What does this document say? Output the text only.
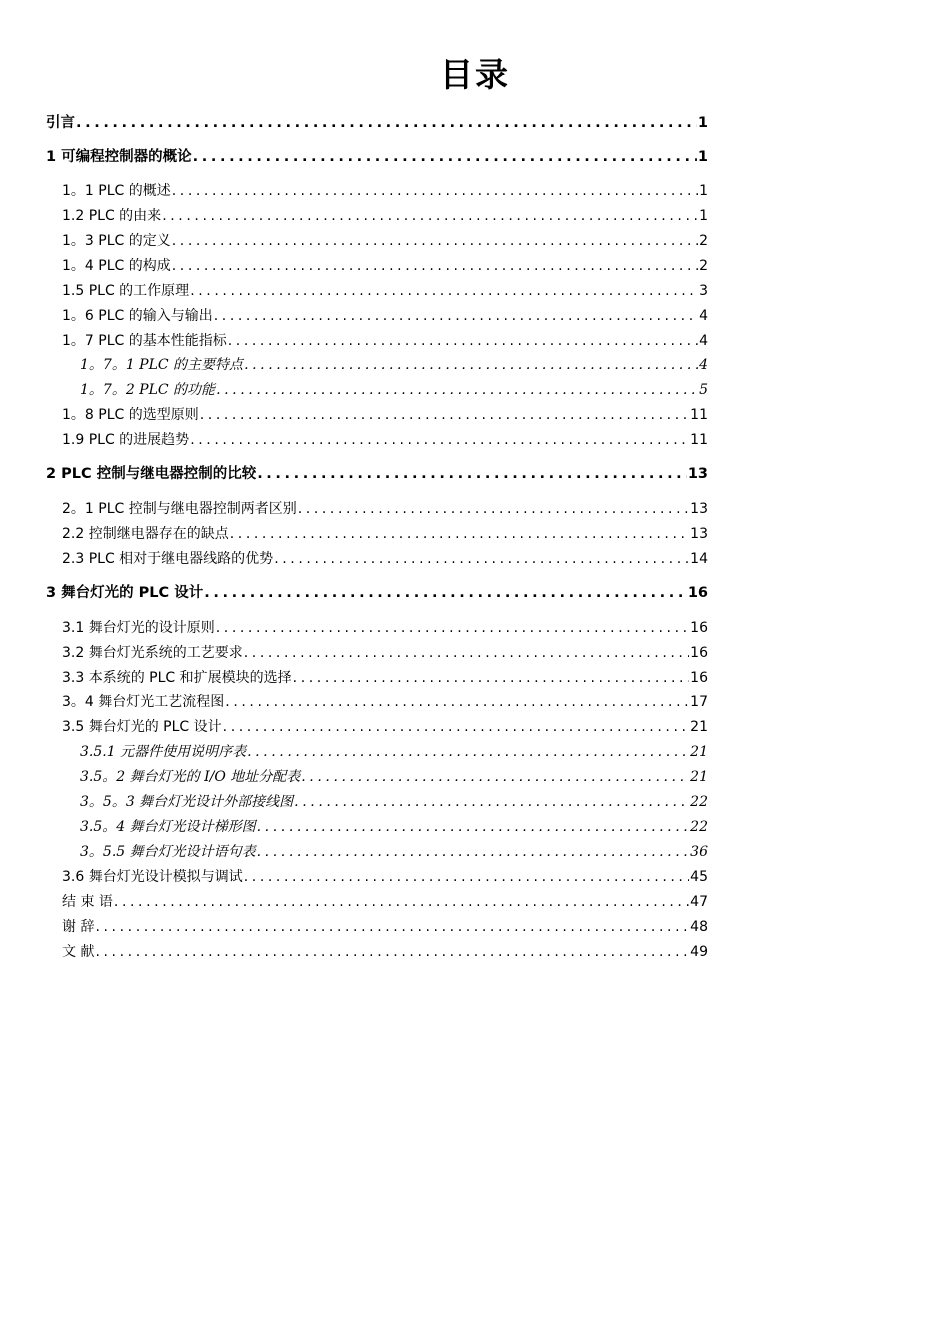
目录
引言 .....	1
1 可编程控制器的概论 .....	1
1。1 PLC 的概述 .....	1
1.2 PLC 的由来 .....	1
1。3 PLC 的定义 .....	2
1。4 PLC 的构成 .....	2
1.5 PLC 的工作原理 .....	3
1。6 PLC 的输入与输出 .....	4
1。7 PLC 的基本性能指标 .....	4
1。7。1 PLC 的主要特点 .....	4
1。7。2 PLC 的功能 .....	5
1。8 PLC 的选型原则 .....	11
1.9 PLC 的进展趋势 .....	11
2 PLC 控制与继电器控制的比较 .....	13
2。1 PLC 控制与继电器控制两者区别 .....	13
2.2 控制继电器存在的缺点 .....	13
2.3 PLC 相对于继电器线路的优势 .....	14
3 舞台灯光的 PLC 设计 .....	16
3.1 舞台灯光的设计原则 .....	16
3.2 舞台灯光系统的工艺要求 .....	16
3.3 本系统的 PLC 和扩展模块的选择 .....	16
3。4 舞台灯光工艺流程图 .....	17
3.5 舞台灯光的 PLC 设计 .....	21
3.5.1 元器件使用说明序表 .....	21
3.5。2 舞台灯光的 I/O 地址分配表 .....	21
3。5。3 舞台灯光设计外部接线图 .....	22
3.5。4 舞台灯光设计梯形图 .....	22
3。5.5 舞台灯光设计语句表 .....	36
3.6 舞台灯光设计模拟与调试 .....	45
结 束 语 .....	47
谢 辞 .....	48
文 献 .....	49
